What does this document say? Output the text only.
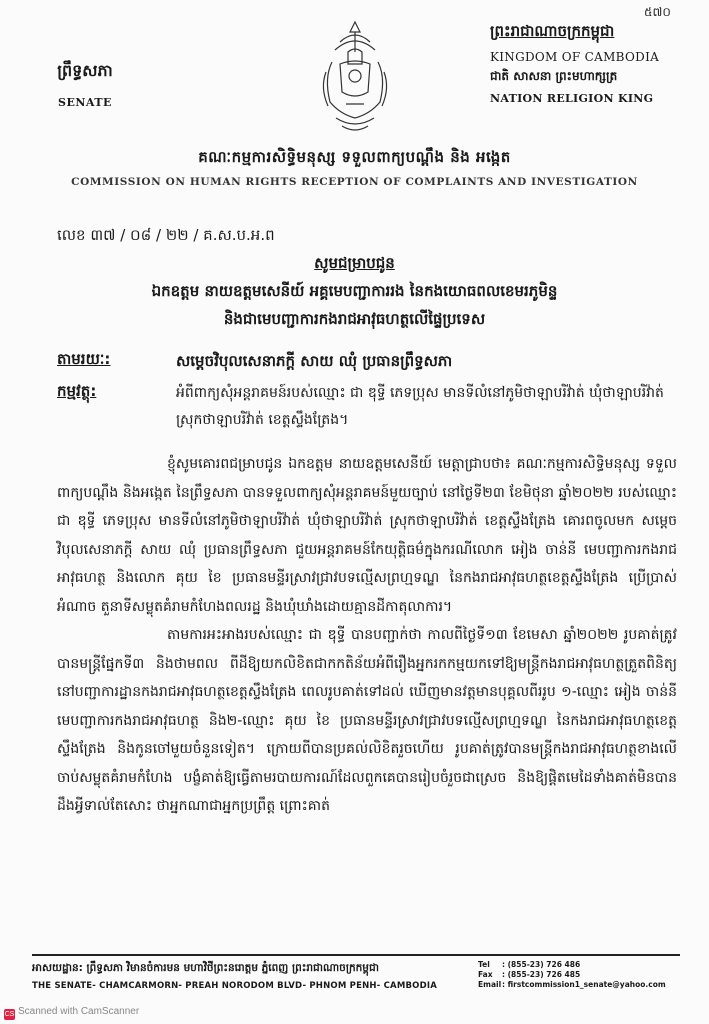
៥៧០
ព្រឹទ្ធសភា
SENATE
ព្រះរាជាណាចក្រកម្ពុជា
KINGDOM OF CAMBODIA
ជាតិ សាសនា ព្រះមហាក្សត្រ
NATION RELIGION KING
គណៈកម្មការសិទ្ធិមនុស្ស ទទួលពាក្យបណ្តឹង និង អង្កេត
COMMISSION ON HUMAN RIGHTS RECEPTION OF COMPLAINTS AND INVESTIGATION
លេខ ៣៧ / ០៨ / ២២ / គ.ស.ប.អ.ព
សូមជម្រាបជូន
ឯកឧត្តម នាយឧត្តមសេនីយ៍ អគ្គមេបញ្ជាការរង នៃកងយោធពលខេមរភូមិន្ទ
និងជាមេបញ្ជាការកងរាជអាវុធហត្ថលើផ្ទៃប្រទេស
តាមរយៈ:	សម្តេចវិបុលសេនាភក្តី សាយ ឈុំ ប្រធានព្រឹទ្ធសភា
កម្មវត្ថុ:	អំពីពាក្យសុំអន្តរាគមន៍របស់ឈ្មោះ ជា ឌុទ្ធី ភេទប្រុស មានទីលំនៅភូមិថាឡាបរិវ៉ាត់ ឃុំថាឡាបរិវ៉ាត់ ស្រុកថាឡាបរិវ៉ាត់ ខេត្តស្ទឹងត្រែង។

ខ្ញុំសូមគោរពជម្រាបជូន ឯកឧត្តម នាយឧត្តមសេនីយ៍ មេត្តាជ្រាបថា៖ គណៈកម្មការសិទ្ធិមនុស្ស ទទួលពាក្យបណ្តឹង និងអង្កេត នៃព្រឹទ្ធសភា បានទទួលពាក្យសុំអន្តរាគមន៍មួយច្បាប់ នៅថ្ងៃទី២៣ ខែមិថុនា ឆ្នាំ២០២២ របស់ឈ្មោះ ជា ឌុទ្ធី ភេទប្រុស មានទីលំនៅភូមិថាឡាបរិវ៉ាត់ ឃុំថាឡាបរិវ៉ាត់ ស្រុកថាឡាបរិវ៉ាត់ ខេត្តស្ទឹងត្រែង គោរពចូលមក សម្តេចវិបុលសេនាភក្តី សាយ ឈុំ ប្រធានព្រឹទ្ធសភា ជួយអន្តរាគមន៍កែយុត្តិធម៌ក្នុងករណីលោក អៀង ចាន់នី មេបញ្ជាការកងរាជអាវុធហត្ថ និងលោក គុយ ខៃ ប្រធានមន្ទីរស្រាវជ្រាវបទល្មើសព្រហ្មទណ្ឌ នៃកងរាជអាវុធហត្ថខេត្តស្ទឹងត្រែង ប្រើប្រាស់អំណាច តួនាទីសម្លុតគំរាមកំហែងពលរដ្ឋ និងឃុំឃាំងដោយគ្មានដីកាតុលាការ។

តាមការអះអាងរបស់ឈ្មោះ ជា ឌុទ្ធី បានបញ្ជាក់ថា កាលពីថ្ងៃទី១៣ ខែមេសា ឆ្នាំ២០២២ រូបគាត់ត្រូវបានមន្ត្រីផ្នែកទី៣ និងថាមពល ពីដីឱ្យយកលិខិតជាកកតិន័យអំពីរឿងអ្នករកកម្មយកទៅឱ្យមន្ត្រីកងរាជអាវុធហត្ថត្រួតពិនិត្យនៅបញ្ជាការដ្ឋានកងរាជអាវុធហត្ថខេត្តស្ទឹងត្រែង ពេលរូបគាត់ទៅដល់ ឃើញមានវត្តមានបុគ្គលពីររូប ១-ឈ្មោះ អៀង ចាន់នី មេបញ្ជាការកងរាជអាវុធហត្ថ និង២-ឈ្មោះ គុយ ខៃ ប្រធានមន្ទីរស្រាវជ្រាវបទល្មើសព្រហ្មទណ្ឌ នៃកងរាជអាវុធហត្ថខេត្តស្ទឹងត្រែង និងកូនចៅមួយចំនួនទៀត។ ក្រោយពីបានប្រគល់លិខិតរួចហើយ រូបគាត់ត្រូវបានមន្ត្រីកងរាជអាវុធហត្ថខាងលើ ចាប់សម្លុតគំរាមកំហែង បង្ខំគាត់ឱ្យធ្វើតាមរបាយការណ៍ដែលពួកគេបានរៀបចំរួចជាស្រេច និងឱ្យផ្តិតមេដៃទាំងគាត់មិនបានដឹងអ្វីទាល់តែសោះ ថាអ្នកណាជាអ្នកប្រព្រឹត្ត ព្រោះគាត់

អាសយដ្ឋាន: ព្រឹទ្ធសភា វិមានចំការមន មហាវិថីព្រះនរោត្តម ភ្នំពេញ ព្រះរាជាណាចក្រកម្ពុជា
THE SENATE- CHAMCARMORN- PREAH NORODOM BLVD- PHNOM PENH- CAMBODIA
Tel : (855-23) 726 486
Fax : (855-23) 726 485
Email: firstcommission1_senate@yahoo.com
CS Scanned with CamScanner
